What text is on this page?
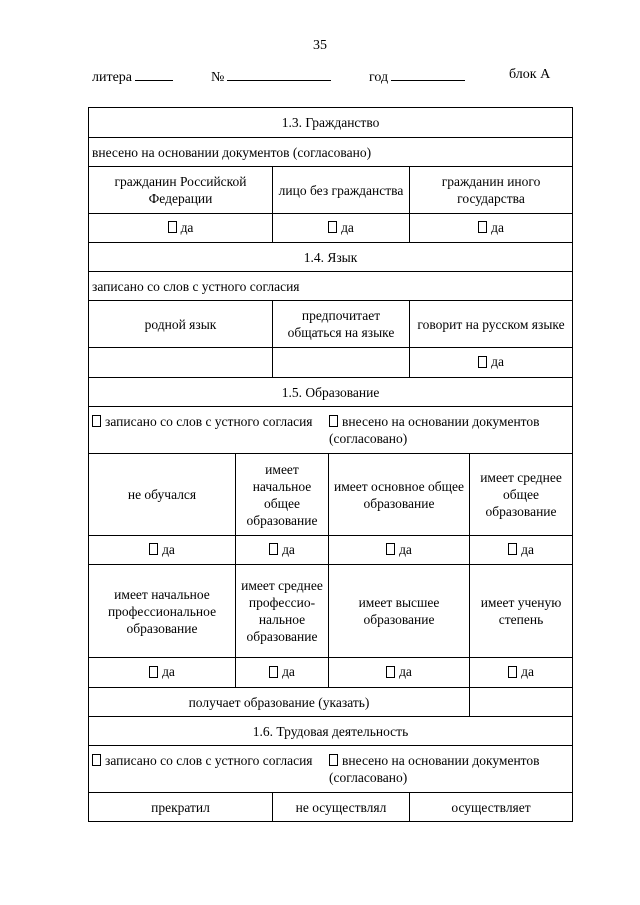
35
литера	№	год	блок А
1.3. Гражданство					
внесено на основании документов (согласовано)					
гражданин Российской Федерации		лицо без гражданства		гражданин иного государства	

да		да		да	

1.4. Язык					
записано со слов с устного согласия					
родной язык		предпочитает общаться на языке		говорит на русском языке	

				да	

1.5. Образование					

записано со слов с устного согласия внесено на основании документов (согласовано)					

не обучался	имеет начальное общее образование		имеет основное общее образование		имеет среднее общее образование

да	да		да		да

имеет начальное профессиональное образование	имеет среднее профессио-нальное образование		имеет высшее образование		имеет ученую степень

да	да		да		да

получает образование (указать)					
1.6. Трудовая деятельность					

записано со слов с устного согласия внесено на основании документов (согласовано)					

прекратил		не осуществлял		осуществляет	
